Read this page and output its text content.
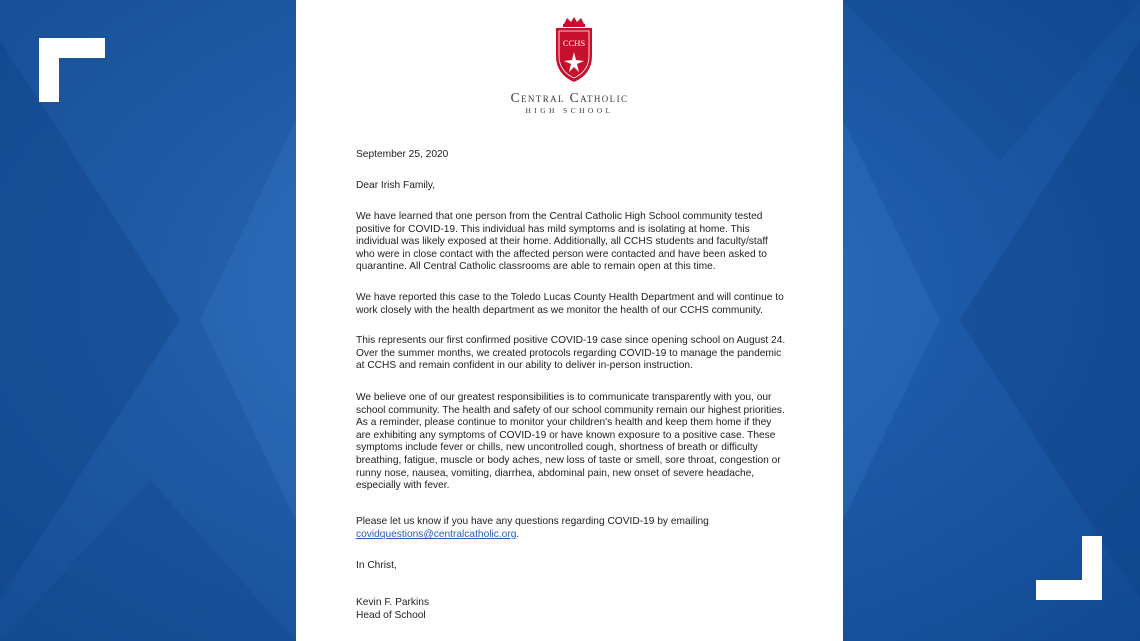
CCHS
Central Catholic
HIGH SCHOOL
September 25, 2020
Dear Irish Family,
We have learned that one person from the Central Catholic High School community tested
positive for COVID-19. This individual has mild symptoms and is isolating at home. This
individual was likely exposed at their home. Additionally, all CCHS students and faculty/staff
who were in close contact with the affected person were contacted and have been asked to
quarantine. All Central Catholic classrooms are able to remain open at this time.
We have reported this case to the Toledo Lucas County Health Department and will continue to
work closely with the health department as we monitor the health of our CCHS community.
This represents our first confirmed positive COVID-19 case since opening school on August 24.
Over the summer months, we created protocols regarding COVID-19 to manage the pandemic
at CCHS and remain confident in our ability to deliver in-person instruction.
We believe one of our greatest responsibilities is to communicate transparently with you, our
school community. The health and safety of our school community remain our highest priorities.
As a reminder, please continue to monitor your children's health and keep them home if they
are exhibiting any symptoms of COVID-19 or have known exposure to a positive case. These
symptoms include fever or chills, new uncontrolled cough, shortness of breath or difficulty
breathing, fatigue, muscle or body aches, new loss of taste or smell, sore throat, congestion or
runny nose, nausea, vomiting, diarrhea, abdominal pain, new onset of severe headache,
especially with fever.
Please let us know if you have any questions regarding COVID-19 by emailing
covidquestions@centralcatholic.org.
In Christ,
Kevin F. Parkins
Head of School
